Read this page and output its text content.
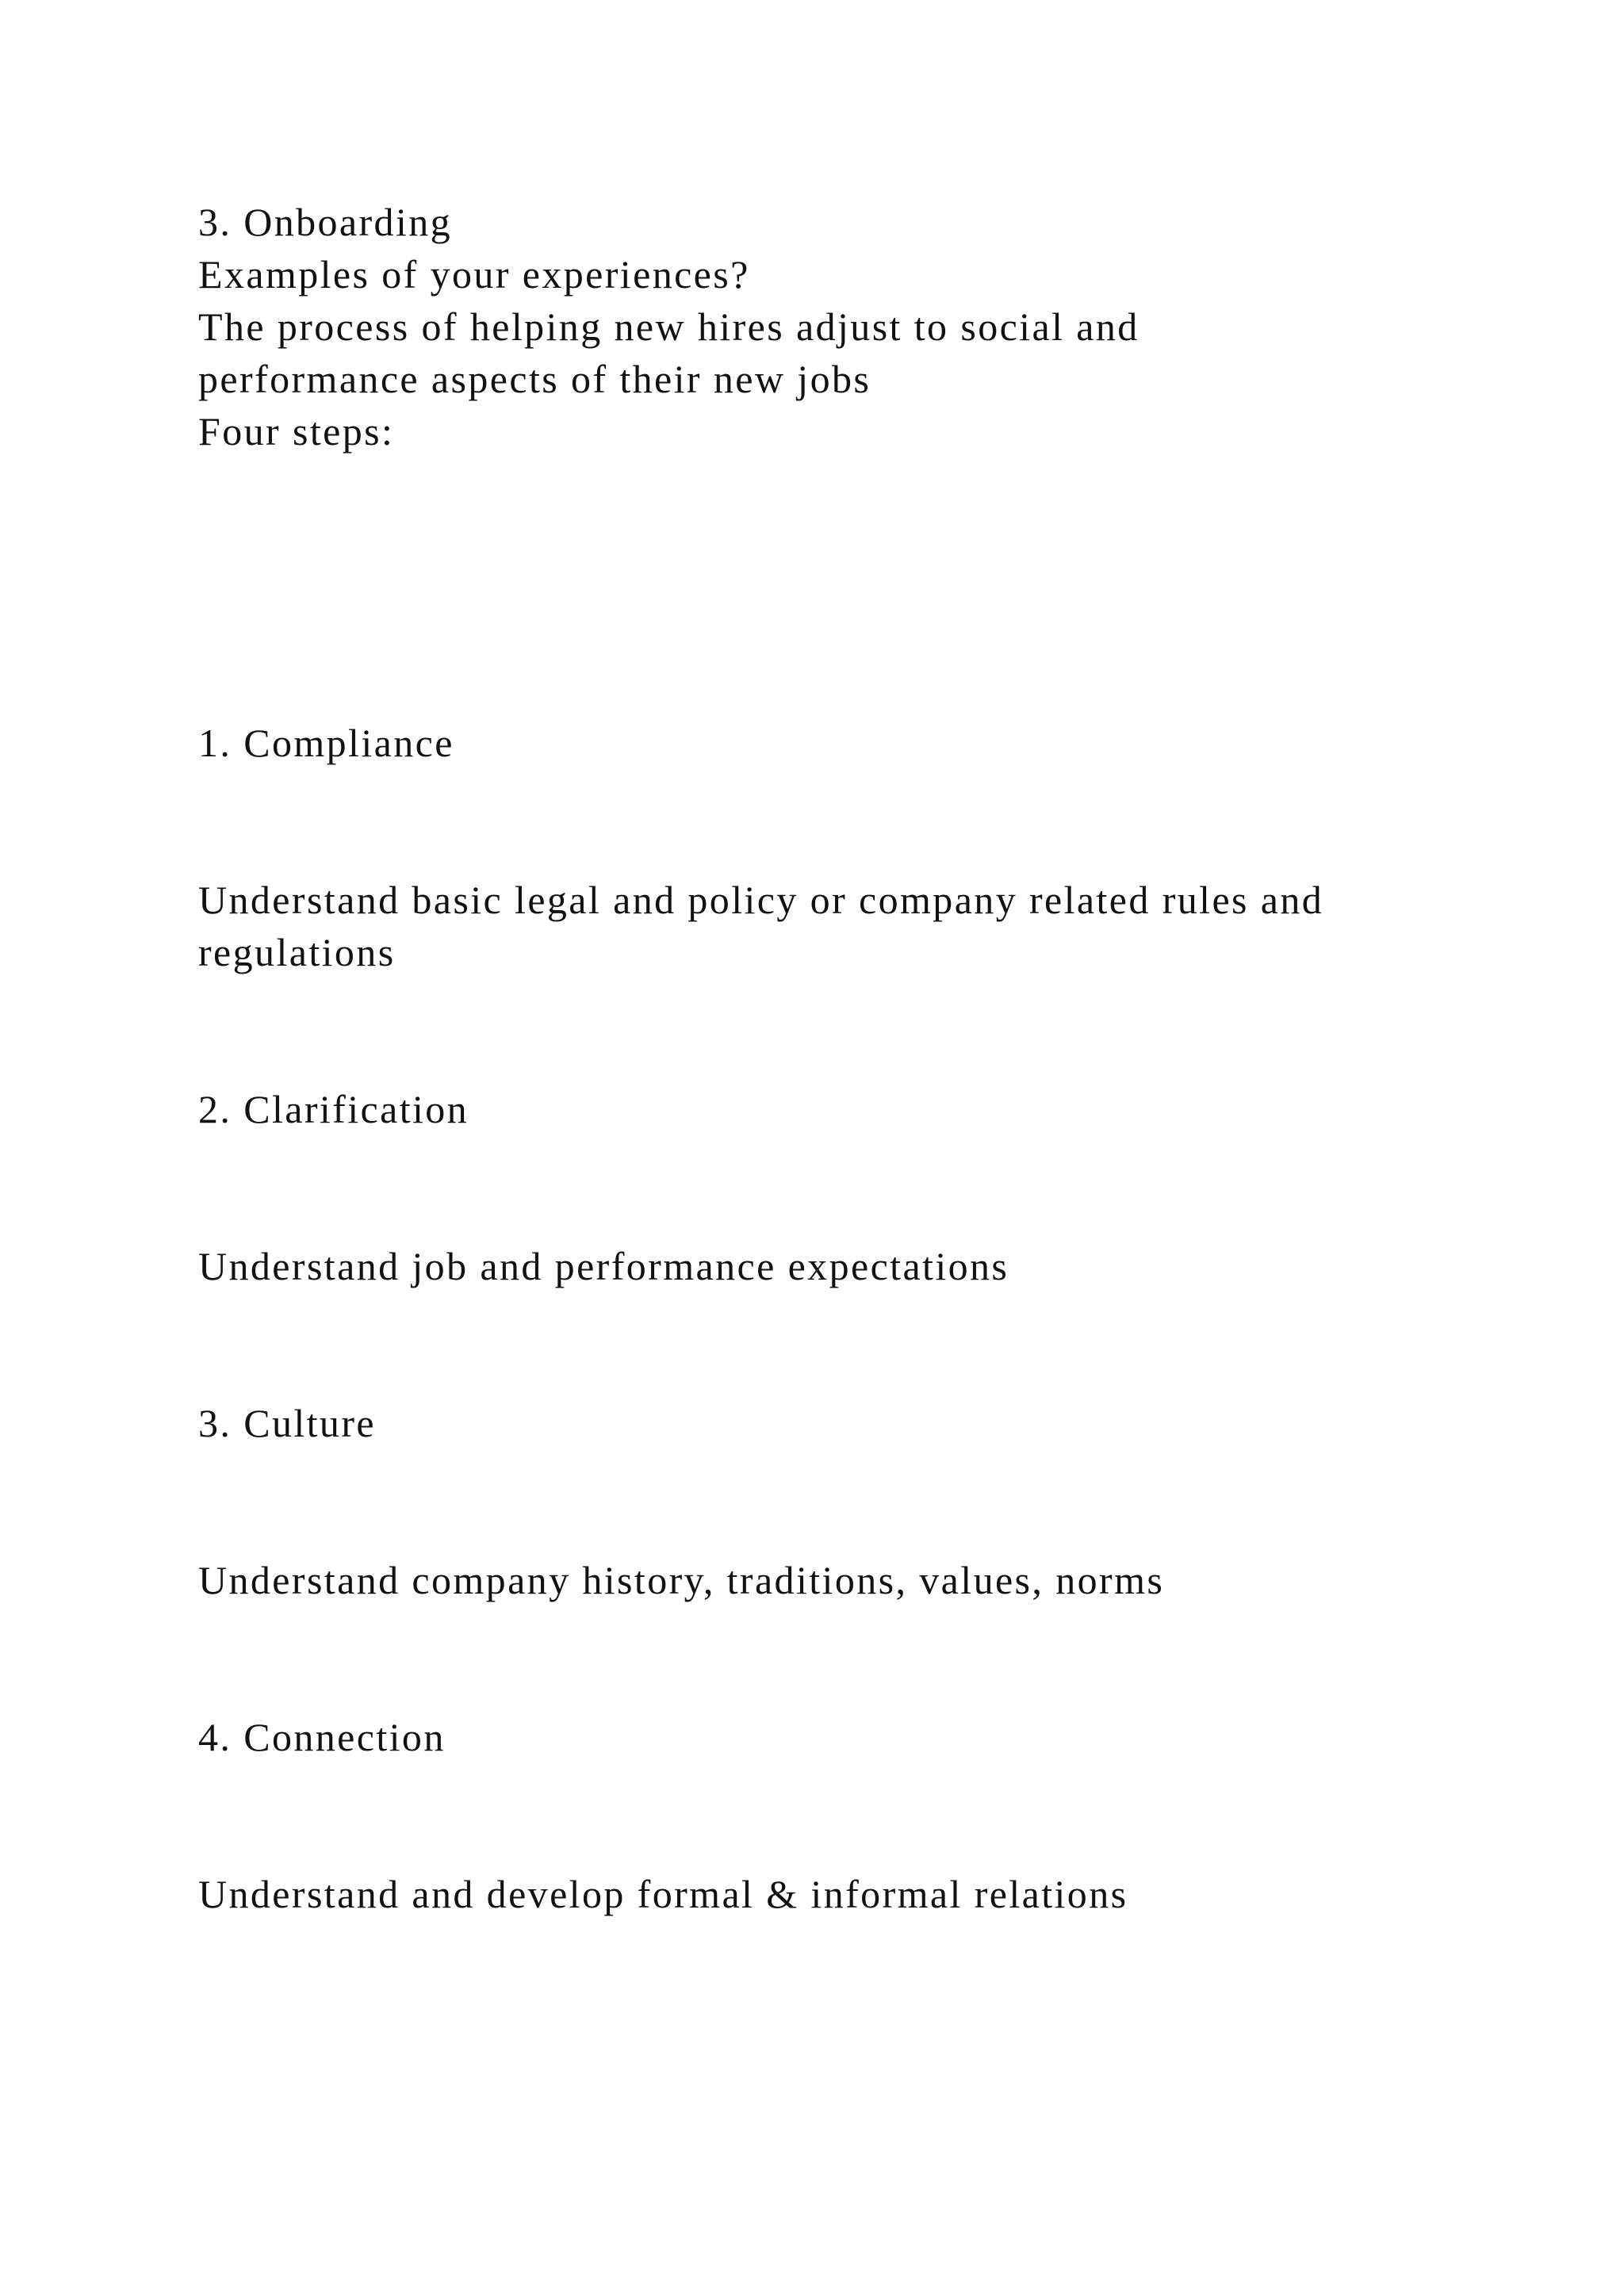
3. Onboarding
Examples of your experiences?
The process of helping new hires adjust to social and
performance aspects of their new jobs
Four steps:
1. Compliance
Understand basic legal and policy or company related rules and
regulations
2. Clarification
Understand job and performance expectations
3. Culture
Understand company history, traditions, values, norms
4. Connection
Understand and develop formal & informal relations
